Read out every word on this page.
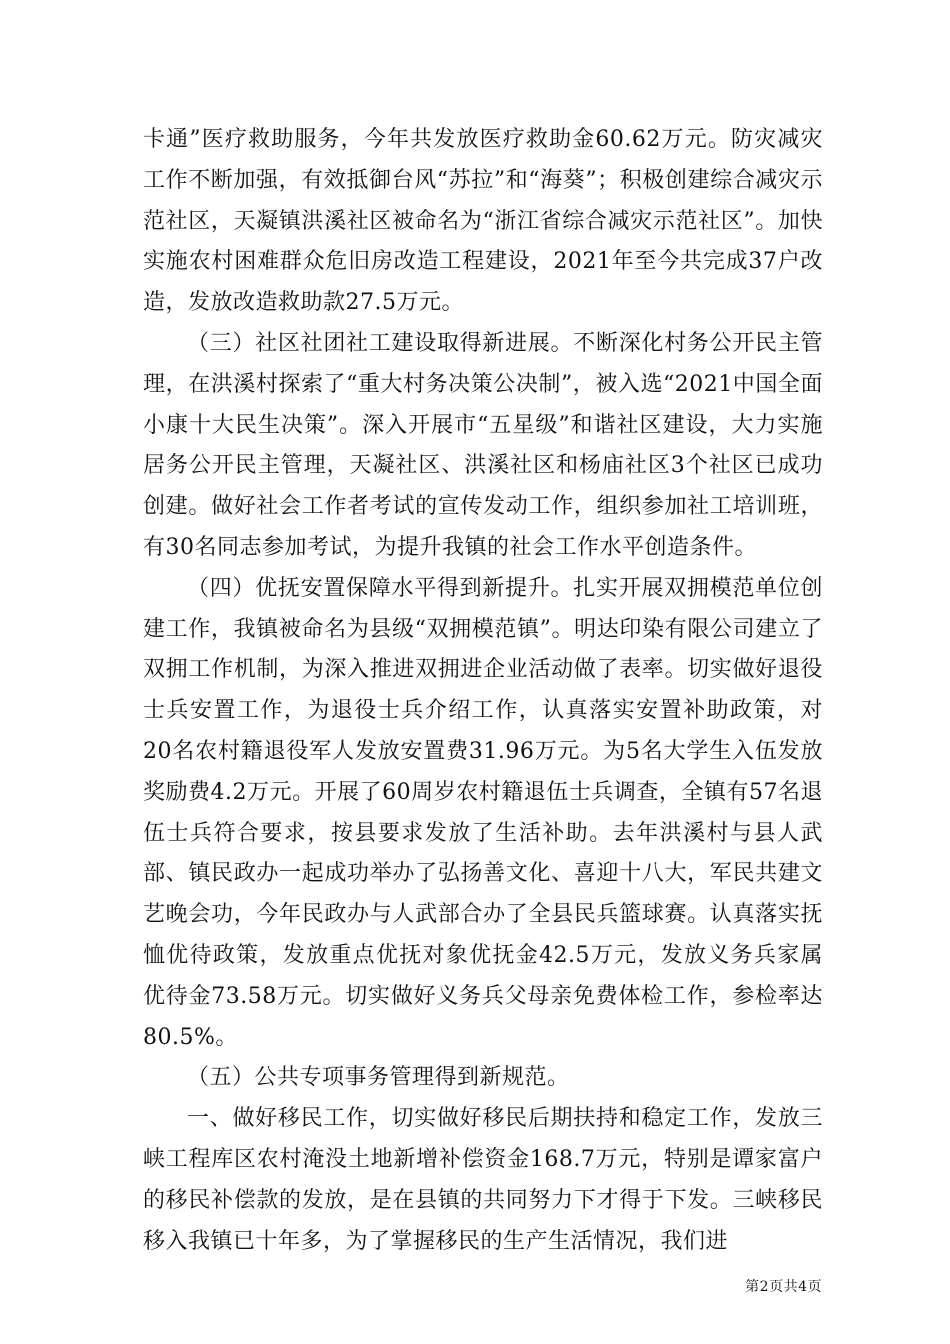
卡通”医疗救助服务，今年共发放医疗救助金60.62万元。防灾减灾工作不断加强，有效抵御台风“苏拉”和“海葵”；积极创建综合减灾示范社区，天凝镇洪溪社区被命名为“浙江省综合减灾示范社区”。加快实施农村困难群众危旧房改造工程建设，2021年至今共完成37户改造，发放改造救助款27.5万元。

（三）社区社团社工建设取得新进展。不断深化村务公开民主管理，在洪溪村探索了“重大村务决策公决制”，被入选“2021中国全面小康十大民生决策”。深入开展市“五星级”和谐社区建设，大力实施居务公开民主管理，天凝社区、洪溪社区和杨庙社区3个社区已成功创建。做好社会工作者考试的宣传发动工作，组织参加社工培训班，有30名同志参加考试，为提升我镇的社会工作水平创造条件。

（四）优抚安置保障水平得到新提升。扎实开展双拥模范单位创建工作，我镇被命名为县级“双拥模范镇”。明达印染有限公司建立了双拥工作机制，为深入推进双拥进企业活动做了表率。切实做好退役士兵安置工作，为退役士兵介绍工作，认真落实安置补助政策，对20名农村籍退役军人发放安置费31.96万元。为5名大学生入伍发放奖励费4.2万元。开展了60周岁农村籍退伍士兵调查，全镇有57名退伍士兵符合要求，按县要求发放了生活补助。去年洪溪村与县人武部、镇民政办一起成功举办了弘扬善文化、喜迎十八大，军民共建文艺晚会功，今年民政办与人武部合办了全县民兵篮球赛。认真落实抚恤优待政策，发放重点优抚对象优抚金42.5万元，发放义务兵家属优待金73.58万元。切实做好义务兵父母亲免费体检工作，参检率达80.5%。

（五）公共专项事务管理得到新规范。

一、做好移民工作，切实做好移民后期扶持和稳定工作，发放三峡工程库区农村淹没土地新增补偿资金168.7万元，特别是谭家富户的移民补偿款的发放，是在县镇的共同努力下才得于下发。三峡移民移入我镇已十年多，为了掌握移民的生产生活情况，我们进

第2页共4页
